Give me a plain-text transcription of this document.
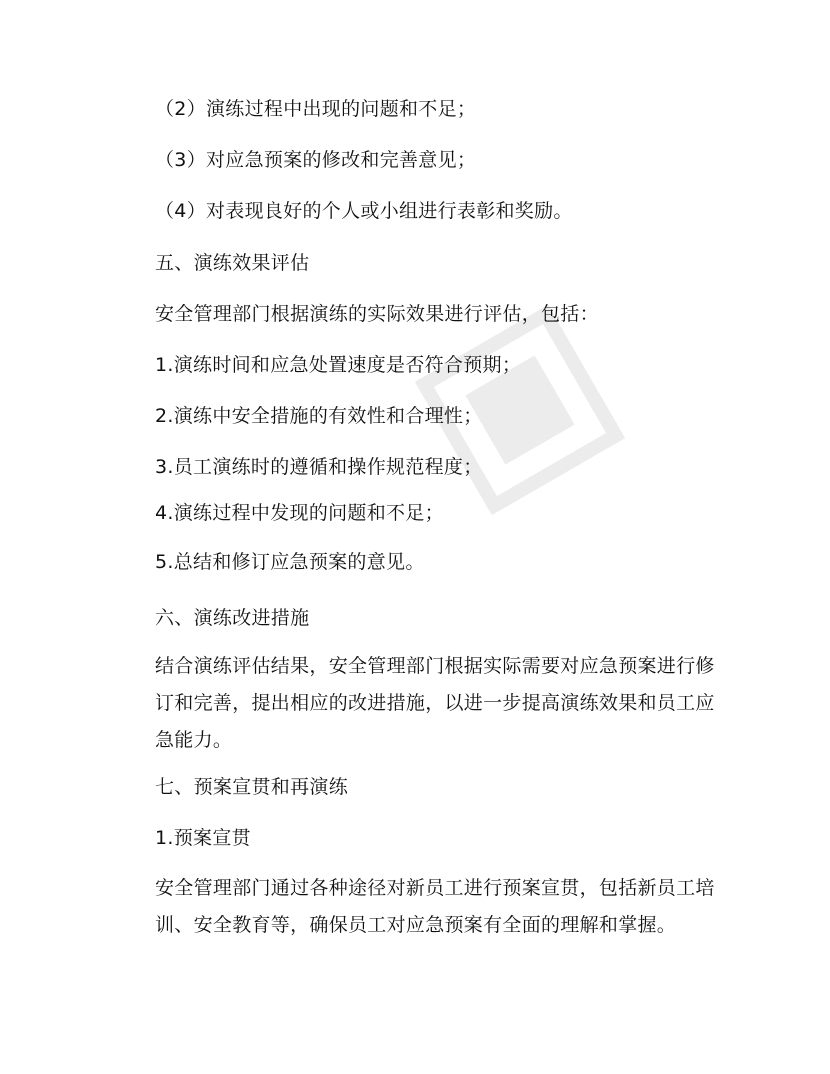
（2）演练过程中出现的问题和不足；
（3）对应急预案的修改和完善意见；
（4）对表现良好的个人或小组进行表彰和奖励。
五、演练效果评估
安全管理部门根据演练的实际效果进行评估，包括：
1.演练时间和应急处置速度是否符合预期；
2.演练中安全措施的有效性和合理性；
3.员工演练时的遵循和操作规范程度；
4.演练过程中发现的问题和不足；
5.总结和修订应急预案的意见。
六、演练改进措施
结合演练评估结果，安全管理部门根据实际需要对应急预案进行修订和完善，提出相应的改进措施，以进一步提高演练效果和员工应急能力。
七、预案宣贯和再演练
1.预案宣贯
安全管理部门通过各种途径对新员工进行预案宣贯，包括新员工培训、安全教育等，确保员工对应急预案有全面的理解和掌握。
